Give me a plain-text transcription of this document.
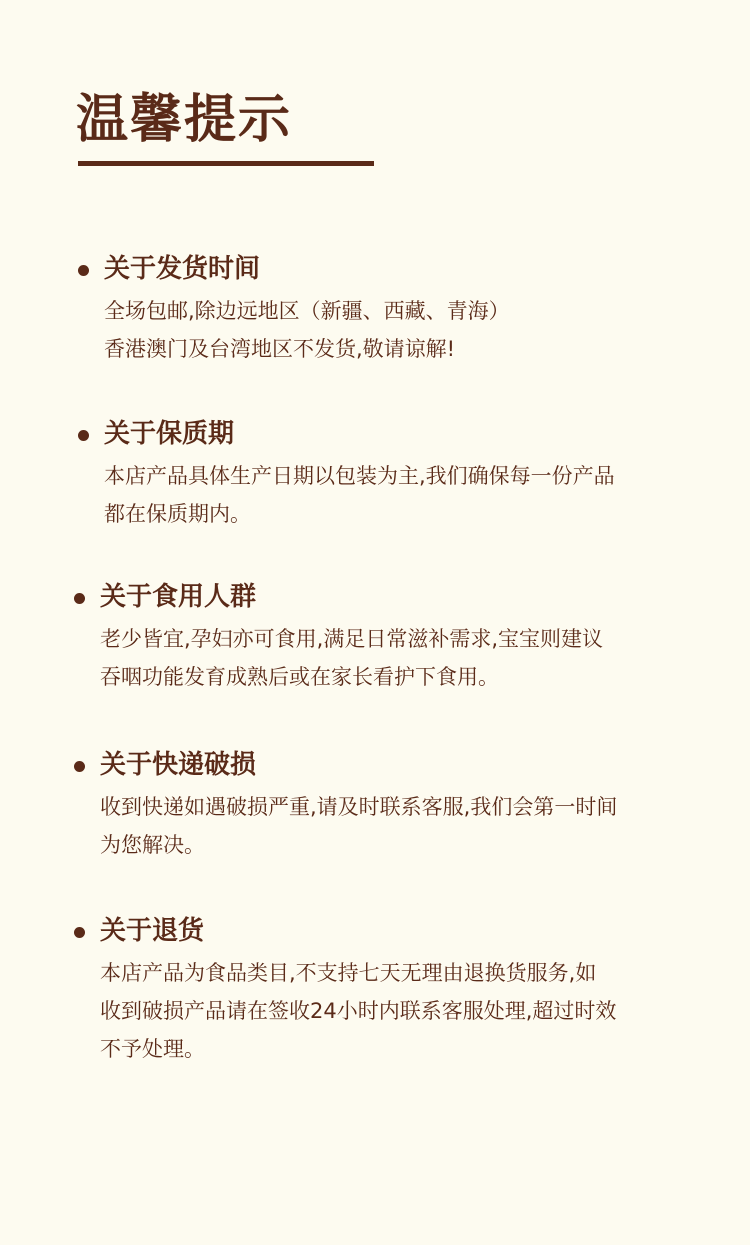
温馨提示
关于发货时间
全场包邮,除边远地区（新疆、西藏、青海）
香港澳门及台湾地区不发货,敬请谅解!
关于保质期
本店产品具体生产日期以包装为主,我们确保每一份产品
都在保质期内。
关于食用人群
老少皆宜,孕妇亦可食用,满足日常滋补需求,宝宝则建议
吞咽功能发育成熟后或在家长看护下食用。
关于快递破损
收到快递如遇破损严重,请及时联系客服,我们会第一时间
为您解决。
关于退货
本店产品为食品类目,不支持七天无理由退换货服务,如
收到破损产品请在签收24小时内联系客服处理,超过时效
不予处理。
